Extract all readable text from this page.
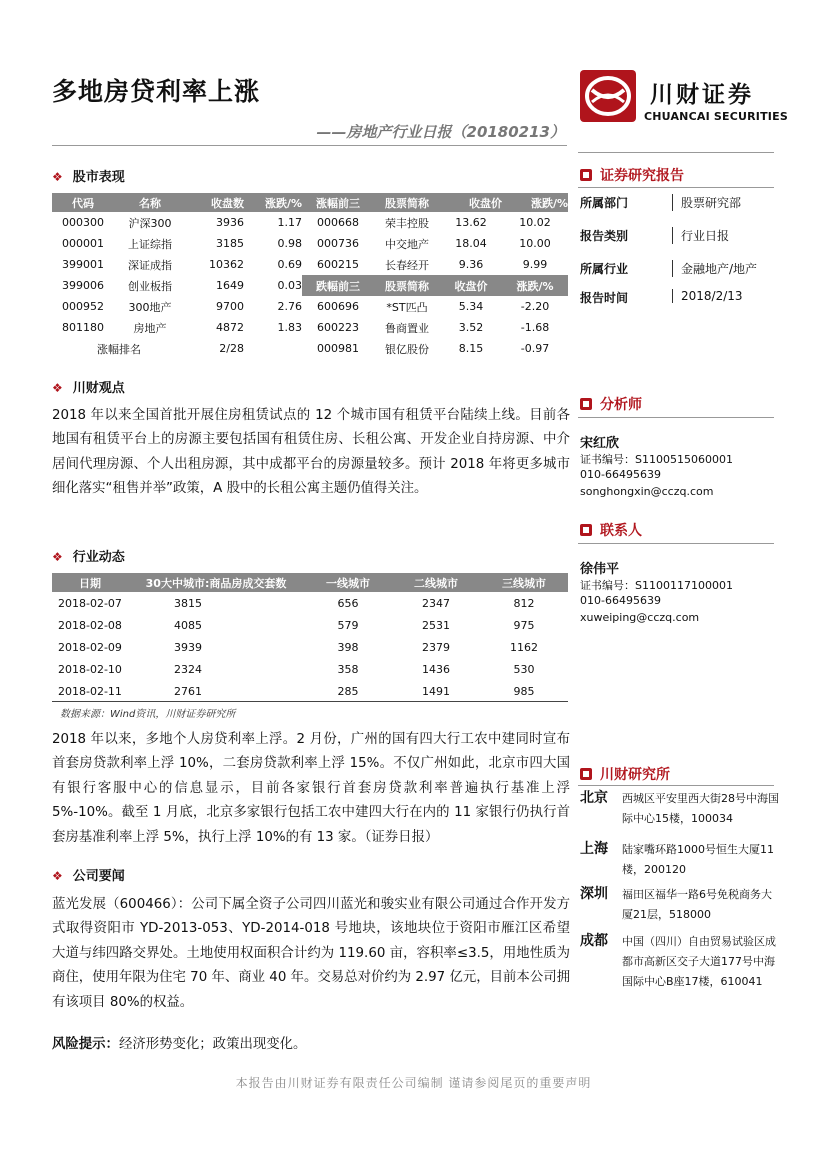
多地房贷利率上涨	川财证券
CHUANCAI SECURITIES
——房地产行业日报（20180213）
❖ 股市表现
代码	名称	收盘数	涨跌/%	涨幅前三	股票简称	收盘价	涨跌/%
000300	沪深300	3936	1.17	000668	荣丰控股	13.62	10.02
000001	上证综指	3185	0.98	000736	中交地产	18.04	10.00
399001	深证成指	10362	0.69	600215	长春经开	9.36	9.99
399006	创业板指	1649	0.03	跌幅前三	股票简称	收盘价	涨跌/%
000952	300地产	9700	2.76	600696	*ST匹凸	5.34	-2.20
801180	房地产	4872	1.83	600223	鲁商置业	3.52	-1.68
涨幅排名		2/28		000981	银亿股份	8.15	-0.97
❖ 川财观点
2018 年以来全国首批开展住房租赁试点的 12 个城市国有租赁平台陆续上线。目前各地国有租赁平台上的房源主要包括国有租赁住房、长租公寓、开发企业自持房源、中介居间代理房源、个人出租房源，其中成都平台的房源量较多。预计 2018 年将更多城市细化落实“租售并举”政策，A 股中的长租公寓主题仍值得关注。
❖ 行业动态
日期	30大中城市:商品房成交套数	一线城市	二线城市	三线城市
2018-02-07	3815	656	2347	812
2018-02-08	4085	579	2531	975
2018-02-09	3939	398	2379	1162
2018-02-10	2324	358	1436	530
2018-02-11	2761	285	1491	985
数据来源：Wind资讯，川财证券研究所
2018 年以来，多地个人房贷利率上浮。2 月份，广州的国有四大行工农中建同时宣布首套房贷款利率上浮 10%，二套房贷款利率上浮 15%。不仅广州如此，北京市四大国有银行客服中心的信息显示，目前各家银行首套房贷款利率普遍执行基准上浮 5%-10%。截至 1 月底，北京多家银行包括工农中建四大行在内的 11 家银行仍执行首套房基准利率上浮 5%，执行上浮 10%的有 13 家。（证券日报）
❖ 公司要闻
蓝光发展（600466）：公司下属全资子公司四川蓝光和骏实业有限公司通过合作开发方式取得资阳市 YD-2013-053、YD-2014-018 号地块，该地块位于资阳市雁江区希望大道与纬四路交界处。土地使用权面积合计约为 119.60 亩，容积率≤3.5，用地性质为商住，使用年限为住宅 70 年、商业 40 年。交易总对价约为 2.97 亿元，目前本公司拥有该项目 80%的权益。
风险提示：经济形势变化；政策出现变化。
证券研究报告
所属部门	股票研究部
报告类别	行业日报
所属行业	金融地产/地产
报告时间	2018/2/13
分析师
宋红欣
证书编号：S1100515060001
010-66495639
songhongxin@cczq.com
联系人
徐伟平
证书编号：S1100117100001
010-66495639
xuweiping@cczq.com
川财研究所
北京 西城区平安里西大街28号中海国际中心15楼，100034
上海 陆家嘴环路1000号恒生大厦11楼，200120
深圳 福田区福华一路6号免税商务大厦21层，518000
成都 中国（四川）自由贸易试验区成都市高新区交子大道177号中海国际中心B座17楼，610041
本报告由川财证券有限责任公司编制 谨请参阅尾页的重要声明
